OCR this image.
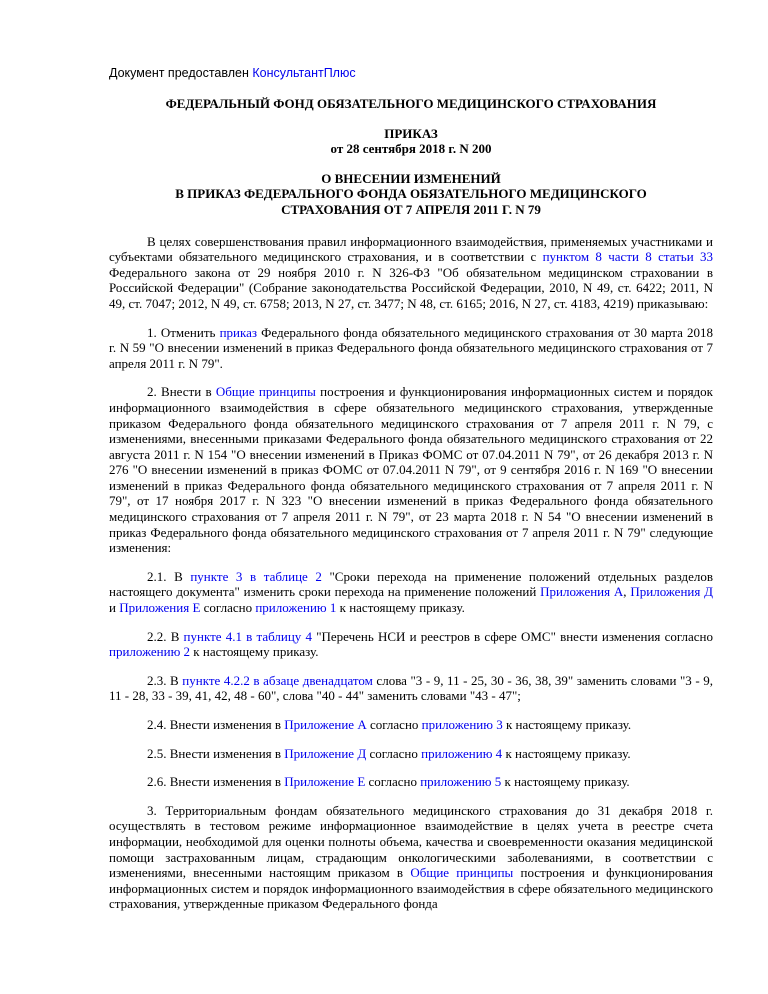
Документ предоставлен КонсультантПлюс
ФЕДЕРАЛЬНЫЙ ФОНД ОБЯЗАТЕЛЬНОГО МЕДИЦИНСКОГО СТРАХОВАНИЯ
ПРИКАЗ
от 28 сентября 2018 г. N 200
О ВНЕСЕНИИ ИЗМЕНЕНИЙ
В ПРИКАЗ ФЕДЕРАЛЬНОГО ФОНДА ОБЯЗАТЕЛЬНОГО МЕДИЦИНСКОГО
СТРАХОВАНИЯ ОТ 7 АПРЕЛЯ 2011 Г. N 79

В целях совершенствования правил информационного взаимодействия, применяемых участниками и субъектами обязательного медицинского страхования, и в соответствии с пунктом 8 части 8 статьи 33 Федерального закона от 29 ноября 2010 г. N 326-ФЗ "Об обязательном медицинском страховании в Российской Федерации" (Собрание законодательства Российской Федерации, 2010, N 49, ст. 6422; 2011, N 49, ст. 7047; 2012, N 49, ст. 6758; 2013, N 27, ст. 3477; N 48, ст. 6165; 2016, N 27, ст. 4183, 4219) приказываю:

1. Отменить приказ Федерального фонда обязательного медицинского страхования от 30 марта 2018 г. N 59 "О внесении изменений в приказ Федерального фонда обязательного медицинского страхования от 7 апреля 2011 г. N 79".

2. Внести в Общие принципы построения и функционирования информационных систем и порядок информационного взаимодействия в сфере обязательного медицинского страхования, утвержденные приказом Федерального фонда обязательного медицинского страхования от 7 апреля 2011 г. N 79, с изменениями, внесенными приказами Федерального фонда обязательного медицинского страхования от 22 августа 2011 г. N 154 "О внесении изменений в Приказ ФОМС от 07.04.2011 N 79", от 26 декабря 2013 г. N 276 "О внесении изменений в приказ ФОМС от 07.04.2011 N 79", от 9 сентября 2016 г. N 169 "О внесении изменений в приказ Федерального фонда обязательного медицинского страхования от 7 апреля 2011 г. N 79", от 17 ноября 2017 г. N 323 "О внесении изменений в приказ Федерального фонда обязательного медицинского страхования от 7 апреля 2011 г. N 79", от 23 марта 2018 г. N 54 "О внесении изменений в приказ Федерального фонда обязательного медицинского страхования от 7 апреля 2011 г. N 79" следующие изменения:

2.1. В пункте 3 в таблице 2 "Сроки перехода на применение положений отдельных разделов настоящего документа" изменить сроки перехода на применение положений Приложения А, Приложения Д и Приложения Е согласно приложению 1 к настоящему приказу.

2.2. В пункте 4.1 в таблицу 4 "Перечень НСИ и реестров в сфере ОМС" внести изменения согласно приложению 2 к настоящему приказу.

2.3. В пункте 4.2.2 в абзаце двенадцатом слова "3 - 9, 11 - 25, 30 - 36, 38, 39" заменить словами "3 - 9, 11 - 28, 33 - 39, 41, 42, 48 - 60", слова "40 - 44" заменить словами "43 - 47";

2.4. Внести изменения в Приложение А согласно приложению 3 к настоящему приказу.

2.5. Внести изменения в Приложение Д согласно приложению 4 к настоящему приказу.

2.6. Внести изменения в Приложение Е согласно приложению 5 к настоящему приказу.

3. Территориальным фондам обязательного медицинского страхования до 31 декабря 2018 г. осуществлять в тестовом режиме информационное взаимодействие в целях учета в реестре счета информации, необходимой для оценки полноты объема, качества и своевременности оказания медицинской помощи застрахованным лицам, страдающим онкологическими заболеваниями, в соответствии с изменениями, внесенными настоящим приказом в Общие принципы построения и функционирования информационных систем и порядок информационного взаимодействия в сфере обязательного медицинского страхования, утвержденные приказом Федерального фонда
